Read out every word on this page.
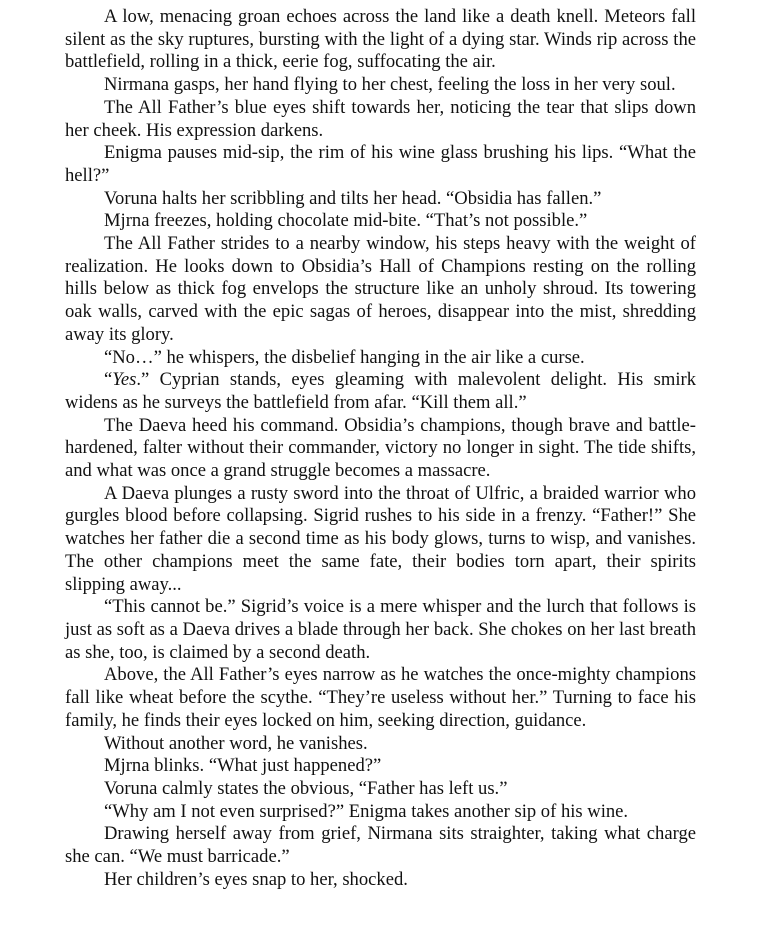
A low, menacing groan echoes across the land like a death knell. Meteors fall silent as the sky ruptures, bursting with the light of a dying star. Winds rip across the battlefield, rolling in a thick, eerie fog, suffocating the air.

Nirmana gasps, her hand flying to her chest, feeling the loss in her very soul.

The All Father’s blue eyes shift towards her, noticing the tear that slips down her cheek. His expression darkens.

Enigma pauses mid-sip, the rim of his wine glass brushing his lips. “What the hell?”

Voruna halts her scribbling and tilts her head. “Obsidia has fallen.”

Mjrna freezes, holding chocolate mid-bite. “That’s not possible.”

The All Father strides to a nearby window, his steps heavy with the weight of realization. He looks down to Obsidia’s Hall of Champions resting on the rolling hills below as thick fog envelops the structure like an unholy shroud. Its towering oak walls, carved with the epic sagas of heroes, disappear into the mist, shredding away its glory.

“No…” he whispers, the disbelief hanging in the air like a curse.

“Yes.” Cyprian stands, eyes gleaming with malevolent delight. His smirk widens as he surveys the battlefield from afar. “Kill them all.”

The Daeva heed his command. Obsidia’s champions, though brave and battle-hardened, falter without their commander, victory no longer in sight. The tide shifts, and what was once a grand struggle becomes a massacre.

A Daeva plunges a rusty sword into the throat of Ulfric, a braided warrior who gurgles blood before collapsing. Sigrid rushes to his side in a frenzy. “Father!” She watches her father die a second time as his body glows, turns to wisp, and vanishes. The other champions meet the same fate, their bodies torn apart, their spirits slipping away...

“This cannot be.” Sigrid’s voice is a mere whisper and the lurch that follows is just as soft as a Daeva drives a blade through her back. She chokes on her last breath as she, too, is claimed by a second death.

Above, the All Father’s eyes narrow as he watches the once-mighty champions fall like wheat before the scythe. “They’re useless without her.” Turning to face his family, he finds their eyes locked on him, seeking direction, guidance.

Without another word, he vanishes.

Mjrna blinks. “What just happened?”

Voruna calmly states the obvious, “Father has left us.”

“Why am I not even surprised?” Enigma takes another sip of his wine.

Drawing herself away from grief, Nirmana sits straighter, taking what charge she can. “We must barricade.”

Her children’s eyes snap to her, shocked.
